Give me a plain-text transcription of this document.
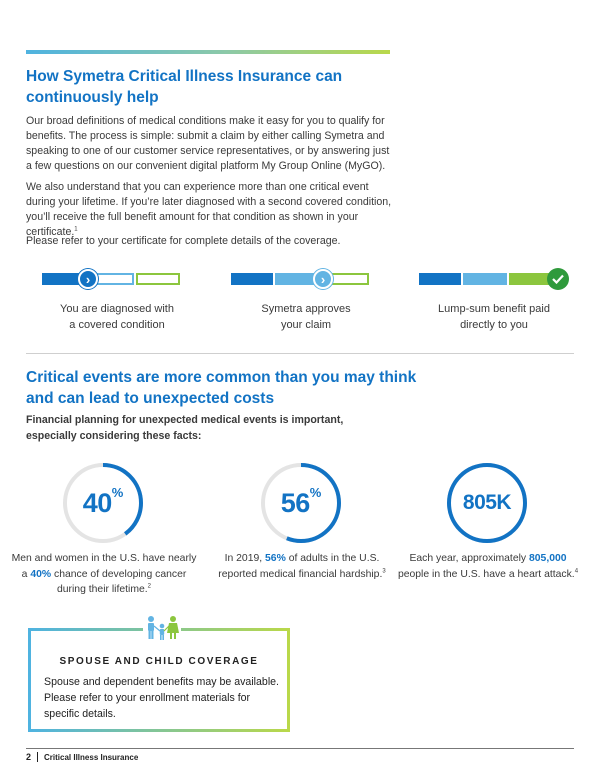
How Symetra Critical Illness Insurance can
continuously help

Our broad definitions of medical conditions make it easy for you to qualify for benefits. The process is simple: submit a claim by either calling Symetra and speaking to one of our customer service representatives, or by answering just a few questions on our convenient digital platform My Group Online (MyGO).

We also understand that you can experience more than one critical event during your lifetime. If you’re later diagnosed with a second covered condition, you’ll receive the full benefit amount for that condition as shown in your certificate.$^1$

Please refer to your certificate for complete details of the coverage.

›
You are diagnosed with
a covered condition
›
Symetra approves
your claim
Lump-sum benefit paid
directly to you
Critical events are more common than you may think
and can lead to unexpected costs

Financial planning for unexpected medical events is important,
especially considering these facts:

40 %
Men and women in the U.S. have nearly
a 40% chance of developing cancer
during their lifetime.$^2$
56 %
In 2019, 56% of adults in the U.S.
reported medical financial hardship.$^3$
805K
Each year, approximately 805,000
people in the U.S. have a heart attack.$^4$
SPOUSE AND CHILD COVERAGE

Spouse and dependent benefits may be available. Please refer to your enrollment materials for specific details.

2 Critical Illness Insurance
